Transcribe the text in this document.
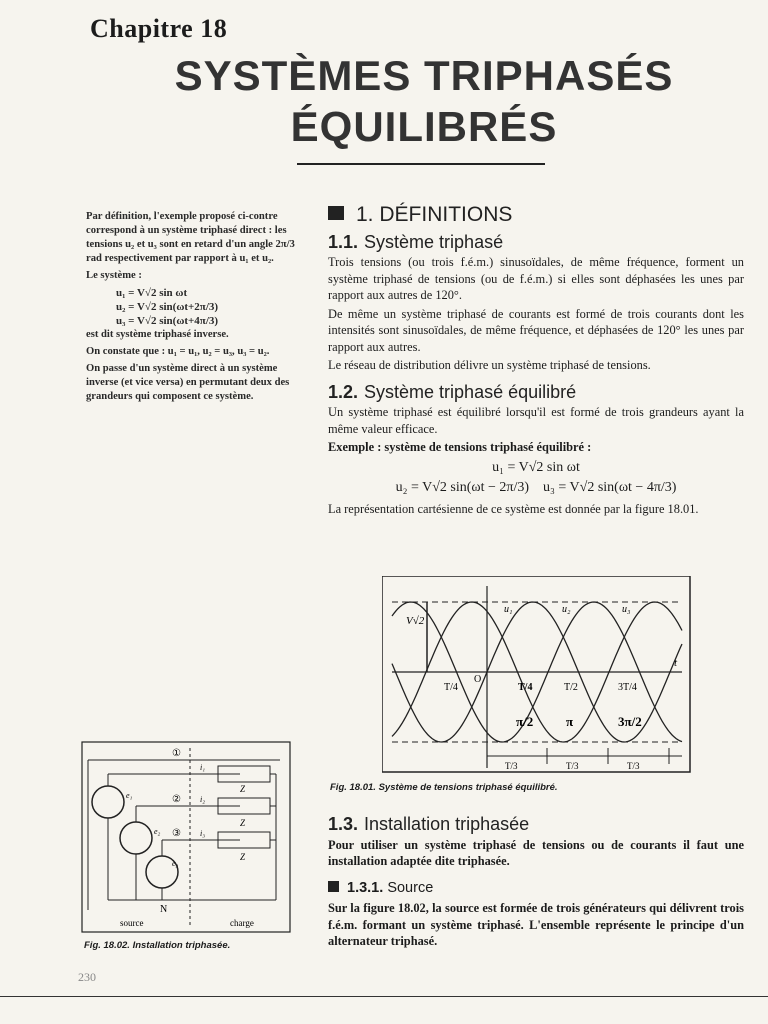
Chapitre 18
SYSTÈMES TRIPHASÉS
ÉQUILIBRÉS

Par définition, l'exemple proposé ci-contre correspond à un système triphasé direct : les tensions u₂ et u₃ sont en retard d'un angle 2π/3 rad respectivement par rapport à u₁ et u₂.

Le système :

u₁ = V√2 sin ωt
u₂ = V√2 sin(ωt+2π/3)
u₃ = V√2 sin(ωt+4π/3)

est dit système triphasé inverse.

On constate que : u₁ = u₁, u₂ = u₃, u₃ = u₂.

On passe d'un système direct à un système inverse (et vice versa) en permutant deux des grandeurs qui composent ce système.

1. DÉFINITIONS
1.1. Système triphasé

Trois tensions (ou trois f.é.m.) sinusoïdales, de même fréquence, forment un système triphasé de tensions (ou de f.é.m.) si elles sont déphasées les unes par rapport aux autres de 120°.

De même un système triphasé de courants est formé de trois courants dont les intensités sont sinusoïdales, de même fréquence, et déphasées de 120° les unes par rapport aux autres.

Le réseau de distribution délivre un système triphasé de tensions.

1.2. Système triphasé équilibré

Un système triphasé est équilibré lorsqu'il est formé de trois grandeurs ayant la même valeur efficace.

Exemple : système de tensions triphasé équilibré :

u₁ = V√2 sin ωt
u₂ = V√2 sin(ωt − 2π/3) u₃ = V√2 sin(ωt − 4π/3)

La représentation cartésienne de ce système est donnée par la figure 18.01.

V√2
t
O
u₁	u₂	u₃
T/4	T/4	T/2	3T/4
π/2	π	3π/2
T/3	T/3	T/3
Fig. 18.01. Système de tensions triphasé équilibré.
1.3. Installation triphasée

Pour utiliser un système triphasé de tensions ou de courants il faut une installation adaptée dite triphasée.

1.3.1. Source

Sur la figure 18.02, la source est formée de trois générateurs qui délivrent trois f.é.m. formant un système triphasé. L'ensemble représente le principe d'un alternateur triphasé.

Z
Z
Z
①
②
③
i₁
i₂
i₃
e₁
e₂
e₃
N
source	charge
Fig. 18.02. Installation triphasée.
230
